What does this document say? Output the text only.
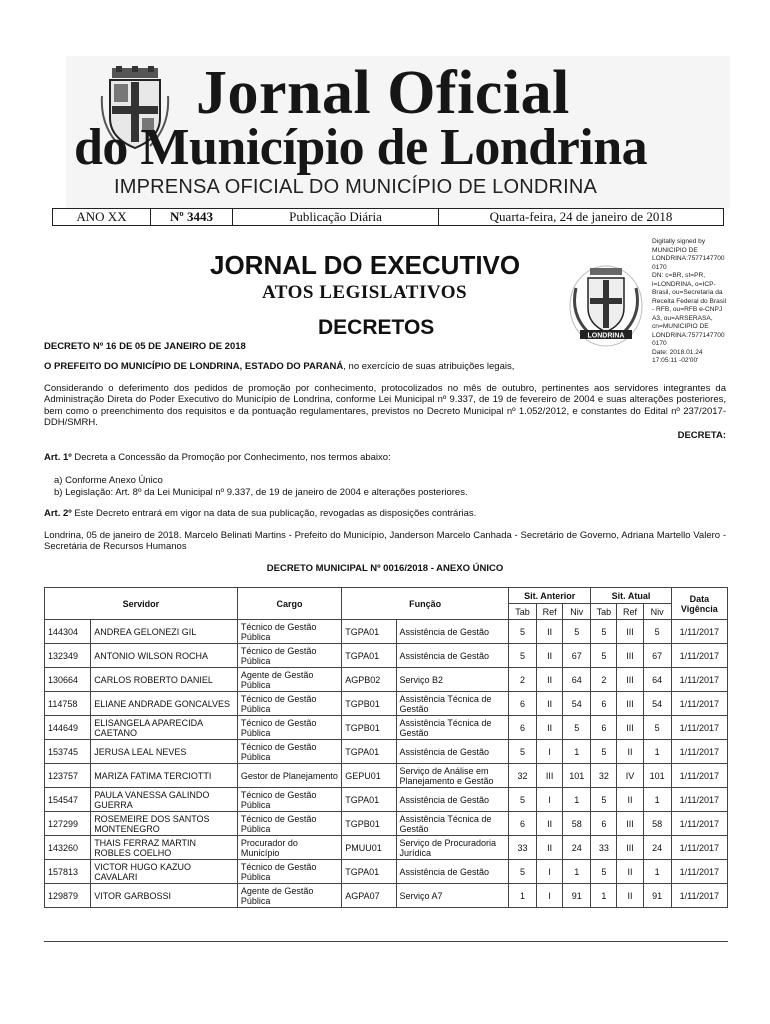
Jornal Oficial
do Município de Londrina
IMPRENSA OFICIAL DO MUNICÍPIO DE LONDRINA
ANO XX	Nº 3443	Publicação Diária	Quarta-feira, 24 de janeiro de 2018
JORNAL DO EXECUTIVO
ATOS LEGISLATIVOS
DECRETOS	LONDRINA
Digitally signed by
MUNICIPIO DE
LONDRINA:7577147700
0170
DN: c=BR, st=PR,
l=LONDRINA, o=ICP-
Brasil, ou=Secretaria da
Receita Federal do Brasil
- RFB, ou=RFB e-CNPJ
A3, ou=ARSERASA,
cn=MUNICIPIO DE
LONDRINA:7577147700
0170
Date: 2018.01.24
17:05:11 -02'00'
DECRETO Nº 16 DE 05 DE JANEIRO DE 2018
O PREFEITO DO MUNICÍPIO DE LONDRINA, ESTADO DO PARANÁ, no exercício de suas atribuições legais,
Considerando o deferimento dos pedidos de promoção por conhecimento, protocolizados no mês de outubro, pertinentes aos servidores integrantes da Administração Direta do Poder Executivo do Município de Londrina, conforme Lei Municipal nº 9.337, de 19 de fevereiro de 2004 e suas alterações posteriores, bem como o preenchimento dos requisitos e da pontuação regulamentares, previstos no Decreto Municipal nº 1.052/2012, e constantes do Edital nº 237/2017-DDH/SMRH.
DECRETA:
Art. 1º Decreta a Concessão da Promoção por Conhecimento, nos termos abaixo:
a) Conforme Anexo Único
b) Legislação: Art. 8º da Lei Municipal nº 9.337, de 19 de janeiro de 2004 e alterações posteriores.
Art. 2º Este Decreto entrará em vigor na data de sua publicação, revogadas as disposições contrárias.
Londrina, 05 de janeiro de 2018. Marcelo Belinati Martins - Prefeito do Município, Janderson Marcelo Canhada - Secretário de Governo, Adriana Martello Valero - Secretária de Recursos Humanos
DECRETO MUNICIPAL Nº 0016/2018 - ANEXO ÚNICO
Servidor		Cargo	Função		Sit. Anterior			Sit. Atual			Data Vigência
					Tab	Ref	Niv	Tab	Ref	Niv	
144304	ANDREA GELONEZI GIL	Técnico de Gestão Pública	TGPA01	Assistência de Gestão	5	II	5	5	III	5	1/11/2017
132349	ANTONIO WILSON ROCHA	Técnico de Gestão Pública	TGPA01	Assistência de Gestão	5	II	67	5	III	67	1/11/2017
130664	CARLOS ROBERTO DANIEL	Agente de Gestão Pública	AGPB02	Serviço B2	2	II	64	2	III	64	1/11/2017
114758	ELIANE ANDRADE GONCALVES	Técnico de Gestão Pública	TGPB01	Assistência Técnica de Gestão	6	II	54	6	III	54	1/11/2017
144649	ELISANGELA APARECIDA CAETANO	Técnico de Gestão Pública	TGPB01	Assistência Técnica de Gestão	6	II	5	6	III	5	1/11/2017
153745	JERUSA LEAL NEVES	Técnico de Gestão Pública	TGPA01	Assistência de Gestão	5	I	1	5	II	1	1/11/2017
123757	MARIZA FATIMA TERCIOTTI	Gestor de Planejamento	GEPU01	Serviço de Análise em Planejamento e Gestão	32	III	101	32	IV	101	1/11/2017
154547	PAULA VANESSA GALINDO GUERRA	Técnico de Gestão Pública	TGPA01	Assistência de Gestão	5	I	1	5	II	1	1/11/2017
127299	ROSEMEIRE DOS SANTOS MONTENEGRO	Técnico de Gestão Pública	TGPB01	Assistência Técnica de Gestão	6	II	58	6	III	58	1/11/2017
143260	THAIS FERRAZ MARTIN ROBLES COELHO	Procurador do Município	PMUU01	Serviço de Procuradoria Jurídica	33	II	24	33	III	24	1/11/2017
157813	VICTOR HUGO KAZUO CAVALARI	Técnico de Gestão Pública	TGPA01	Assistência de Gestão	5	I	1	5	II	1	1/11/2017
129879	VITOR GARBOSSI	Agente de Gestão Pública	AGPA07	Serviço A7	1	I	91	1	II	91	1/11/2017
